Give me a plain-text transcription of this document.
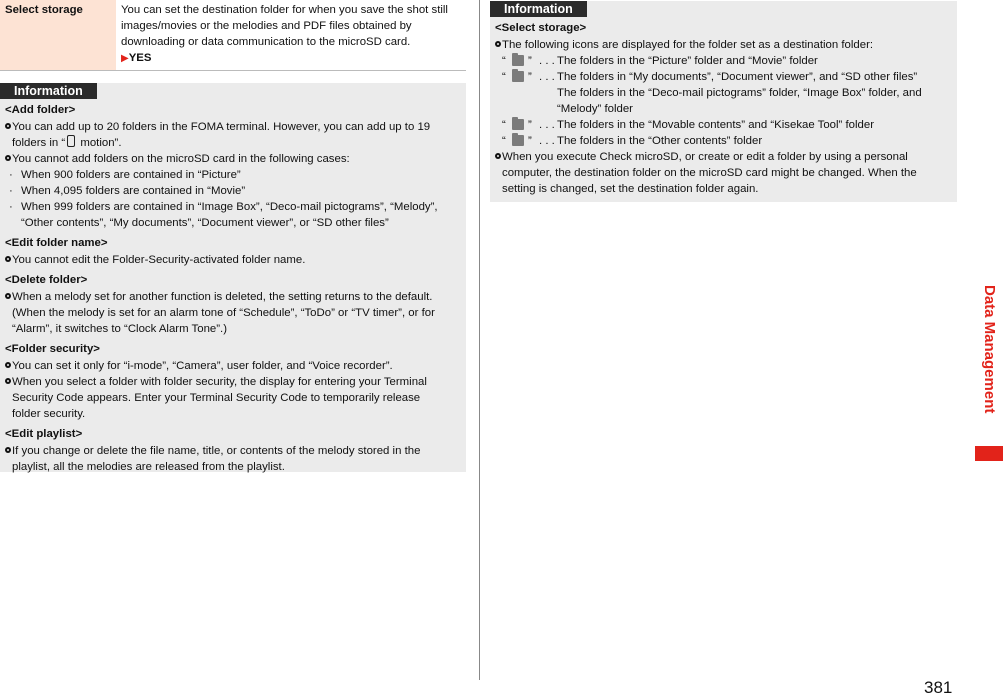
Select storage	You can set the destination folder for when you save the shot still
images/movies or the melodies and PDF files obtained by
downloading or data communication to the microSD card.
▶YES
Information
<Add folder>
You can add up to 20 folders in the FOMA terminal. However, you can add up to 19
folders in “ motion”.
You cannot add folders on the microSD card in the following cases:
· When 900 folders are contained in “Picture”
· When 4,095 folders are contained in “Movie”
· When 999 folders are contained in “Image Box”, “Deco-mail pictograms”, “Melody”,
“Other contents”, “My documents”, “Document viewer”, or “SD other files”
<Edit folder name>
You cannot edit the Folder-Security-activated folder name.
<Delete folder>
When a melody set for another function is deleted, the setting returns to the default.
(When the melody is set for an alarm tone of “Schedule”, “ToDo” or “TV timer”, or for
“Alarm”, it switches to “Clock Alarm Tone”.)
<Folder security>
You can set it only for “i-mode”, “Camera”, user folder, and “Voice recorder”.
When you select a folder with folder security, the display for entering your Terminal
Security Code appears. Enter your Terminal Security Code to temporarily release
folder security.
<Edit playlist>
If you change or delete the file name, title, or contents of the melody stored in the
playlist, all the melodies are released from the playlist.
Information
<Select storage>
The following icons are displayed for the folder set as a destination folder:
“ ” . . . The folders in the “Picture” folder and “Movie” folder
“ ” . . . The folders in “My documents”, “Document viewer”, and “SD other files”
The folders in the “Deco-mail pictograms” folder, “Image Box” folder, and
“Melody” folder
“ ” . . . The folders in the “Movable contents” and “Kisekae Tool” folder
“ ” . . . The folders in the “Other contents” folder
When you execute Check microSD, or create or edit a folder by using a personal
computer, the destination folder on the microSD card might be changed. When the
setting is changed, set the destination folder again.
Data Management
381
